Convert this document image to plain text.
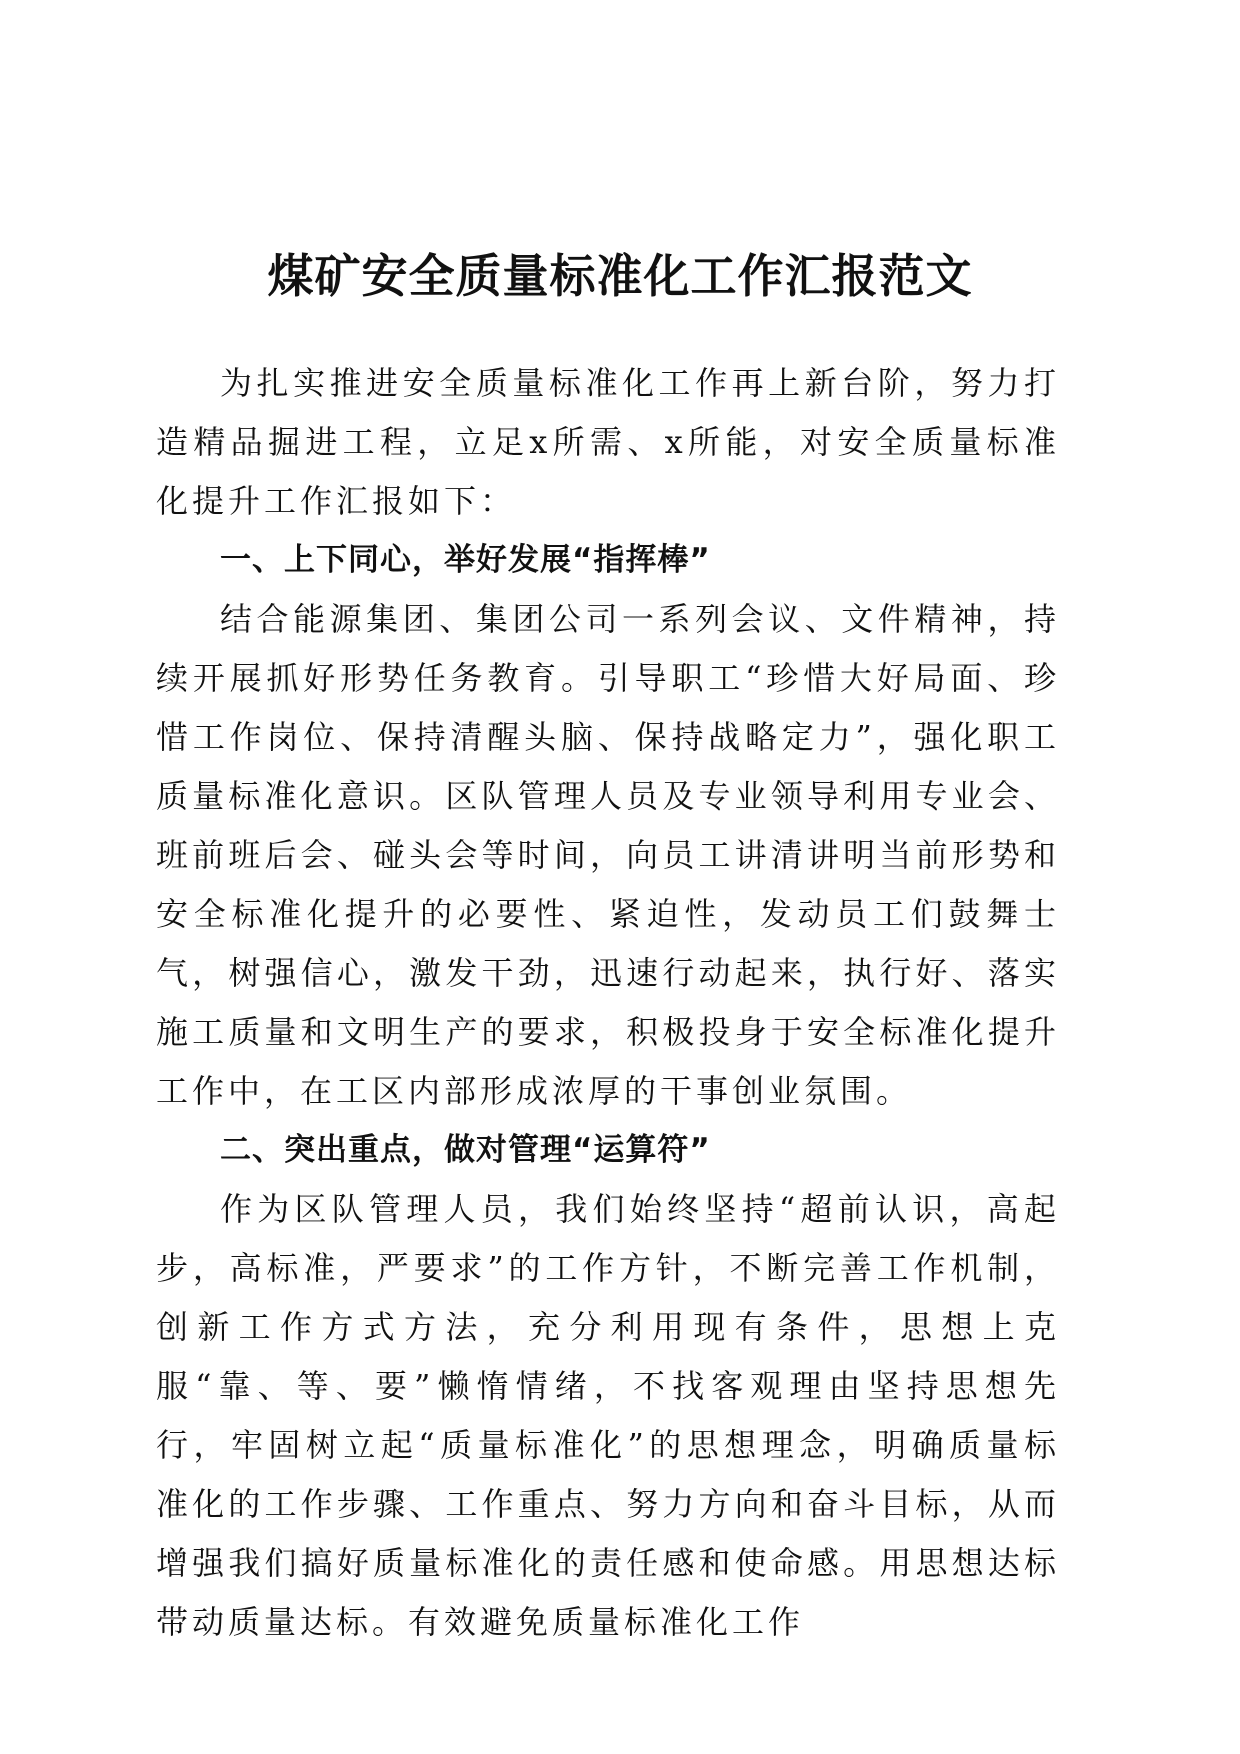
煤矿安全质量标准化工作汇报范文

为扎实推进安全质量标准化工作再上新台阶，努力打造精品掘进工程，立足x所需、x所能，对安全质量标准化提升工作汇报如下：

一、上下同心，举好发展“指挥棒”

结合能源集团、集团公司一系列会议、文件精神，持续开展抓好形势任务教育。引导职工“珍惜大好局面、珍惜工作岗位、保持清醒头脑、保持战略定力”，强化职工质量标准化意识。区队管理人员及专业领导利用专业会、班前班后会、碰头会等时间，向员工讲清讲明当前形势和安全标准化提升的必要性、紧迫性，发动员工们鼓舞士气，树强信心，激发干劲，迅速行动起来，执行好、落实施工质量和文明生产的要求，积极投身于安全标准化提升工作中，在工区内部形成浓厚的干事创业氛围。

二、突出重点，做对管理“运算符”

作为区队管理人员，我们始终坚持“超前认识，高起步，高标准，严要求”的工作方针，不断完善工作机制，创新工作方式方法，充分利用现有条件，思想上克服“靠、等、要”懒惰情绪，不找客观理由坚持思想先行，牢固树立起“质量标准化”的思想理念，明确质量标准化的工作步骤、工作重点、努力方向和奋斗目标，从而增强我们搞好质量标准化的责任感和使命感。用思想达标带动质量达标。有效避免质量标准化工作
